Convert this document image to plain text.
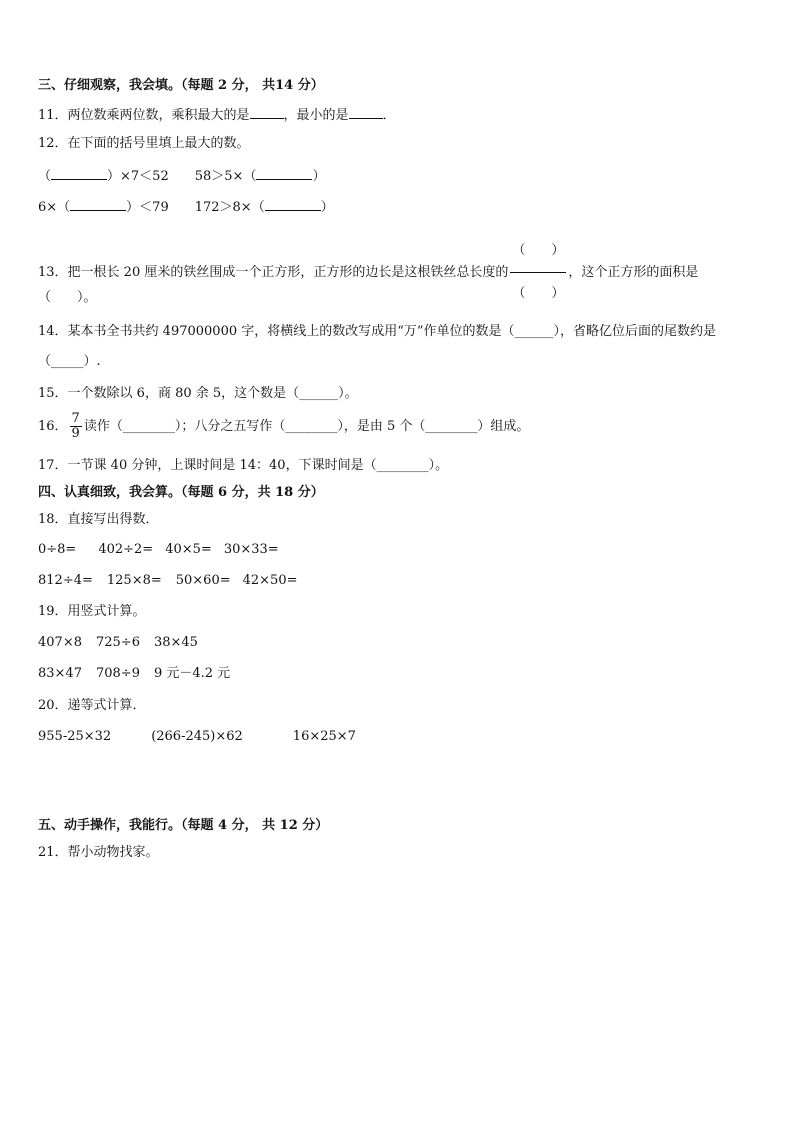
三、仔细观察，我会填。（每题 2 分， 共14 分）
11．两位数乘两位数，乘积最大的是	，最小的是	．
12．在下面的括号里填上最大的数。
（	）×7＜52 58＞5×（	）
6×（	）＜79 172＞8×（	）
13．把一根长 20 厘米的铁丝围成一个正方形，正方形的边长是这根铁丝总长度的 $\frac{( )}{( )}$ ，这个正方形的面积是
（　　）。
14．某本书全书共约 497000000 字，将横线上的数改写成用“万”作单位的数是（______），省略亿位后面的尾数约是
（_____）.
15．一个数除以 6，商 80 余 5，这个数是（______）。
16． $\frac{7}{9}$ 读作（________）；八分之五写作（________），是由 5 个（________）组成。
17．一节课 40 分钟，上课时间是 14：40，下课时间是（________）。
四、认真细致，我会算。（每题 6 分，共 18 分）
18．直接写出得数．
0÷8= 402÷2= 40×5= 30×33=
812÷4= 125×8= 50×60= 42×50=
19．用竖式计算。
407×8 725÷6 38×45
83×47 708÷9 9 元－4.2 元
20．递等式计算．
955-25×32	(266-245)×62	16×25×7
五、动手操作，我能行。（每题 4 分， 共 12 分）
21．帮小动物找家。
